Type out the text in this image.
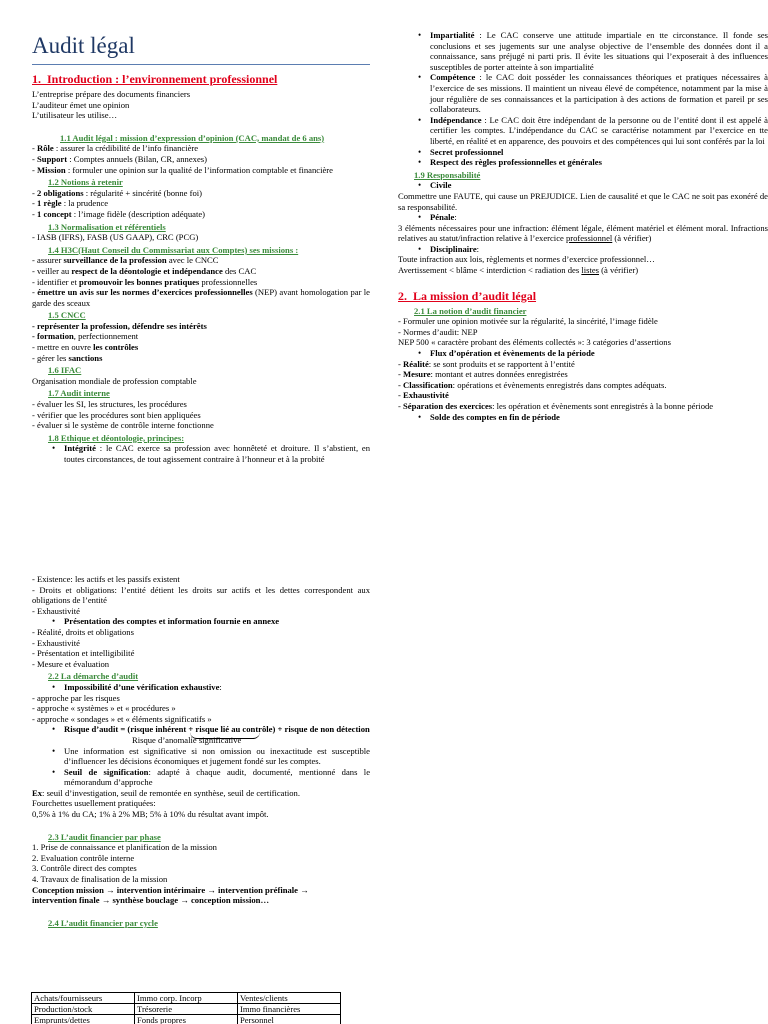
Audit légal
1. Introduction : l’environnement professionnel
L’entreprise prépare des documents financiers
L’auditeur émet une opinion
L’utilisateur les utilise…
1.1 Audit légal : mission d’expression d’opinion (CAC, mandat de 6 ans)
- Rôle : assurer la crédibilité de l’info financière
- Support : Comptes annuels (Bilan, CR, annexes)
- Mission : formuler une opinion sur la qualité de l’information comptable et financière
1.2 Notions à retenir
- 2 obligations : régularité + sincérité (bonne foi)
- 1 règle : la prudence
- 1 concept : l’image fidèle (description adéquate)
1.3 Normalisation et référentiels
- IASB (IFRS), FASB (US GAAP), CRC (PCG)
1.4 H3C(Haut Conseil du Commissariat aux Comptes) ses missions :
- assurer surveillance de la profession avec le CNCC
- veiller au respect de la déontologie et indépendance des CAC
- identifier et promouvoir les bonnes pratiques professionnelles
- émettre un avis sur les normes d’exercices professionnelles (NEP) avant homologation par le garde des sceaux
1.5 CNCC
- représenter la profession, défendre ses intérêts
- formation, perfectionnement
- mettre en ouvre les contrôles
- gérer les sanctions
1.6 IFAC
Organisation mondiale de profession comptable
1.7 Audit interne
- évaluer les SI, les structures, les procédures
- vérifier que les procédures sont bien appliquées
- évaluer si le système de contrôle interne fonctionne
1.8 Ethique et déontologie, principes:
• Intégrité : le CAC exerce sa profession avec honnêteté et droiture. Il s’abstient, en toutes circonstances, de tout agissement contraire à l’honneur et à la probité
• Impartialité : Le CAC conserve une attitude impartiale en tte circonstance. Il fonde ses conclusions et ses jugements sur une analyse objective de l’ensemble des données dont il a connaissance, sans préjugé ni parti pris. Il évite les situations qui l’exposerait à des influences susceptibles de porter atteinte à son impartialité
• Compétence : le CAC doit posséder les connaissances théoriques et pratiques nécessaires à l’exercice de ses missions. Il maintient un niveau élevé de compétence, notamment par la mise à jour régulière de ses connaissances et la participation à des actions de formation et pareil pr ses collaborateurs.
• Indépendance : Le CAC doit être indépendant de la personne ou de l’entité dont il est appelé à certifier les comptes. L’indépendance du CAC se caractérise notamment par l’exercice en tte liberté, en réalité et en apparence, des pouvoirs et des compétences qui lui sont conférés par la loi
• Secret professionnel
• Respect des règles professionnelles et générales
1.9 Responsabilité
• Civile
Commettre une FAUTE, qui cause un PREJUDICE. Lien de causalité et que le CAC ne soit pas exonéré de sa responsabilité.
• Pénale:
3 éléments nécessaires pour une infraction: élément légale, élément matériel et élément moral. Infractions relatives au statut/infraction relative à l’exercice professionnel (à vérifier)
• Disciplinaire:
Toute infraction aux lois, règlements et normes d’exercice professionnel…
Avertissement < blâme < interdiction < radiation des listes (à vérifier)
2. La mission d’audit légal
2.1 La notion d’audit financier
- Formuler une opinion motivée sur la régularité, la sincérité, l’image fidèle
- Normes d’audit: NEP
NEP 500 « caractère probant des éléments collectés »: 3 catégories d’assertions
• Flux d’opération et évènements de la période
- Réalité: se sont produits et se rapportent à l’entité
- Mesure: montant et autres données enregistrées
- Classification: opérations et évènements enregistrés dans comptes adéquats.
- Exhaustivité
- Séparation des exercices: les opération et évènements sont enregistrés à la bonne période
• Solde des comptes en fin de période
- Existence: les actifs et les passifs existent
- Droits et obligations: l’entité détient les droits sur actifs et les dettes correspondent aux obligations de l’entité
- Exhaustivité
• Présentation des comptes et information fournie en annexe
- Réalité, droits et obligations
- Exhaustivité
- Présentation et intelligibilité
- Mesure et évaluation
2.2 La démarche d’audit
• Impossibilité d’une vérification exhaustive:
- approche par les risques
- approche « systèmes » et « procédures »
- approche « sondages » et « éléments significatifs »
• Risque d’audit = (risque inhérent + risque lié au contrôle) + risque de non détection
Risque d’anomalie significative
• Une information est significative si non omission ou inexactitude est susceptible d’influencer les décisions économiques et jugement fondé sur les comptes.
• Seuil de signification: adapté à chaque audit, documenté, mentionné dans le mémorandum d’approche
Ex: seuil d’investigation, seuil de remontée en synthèse, seuil de certification.
Fourchettes usuellement pratiquées:
0,5% à 1% du CA; 1% à 2% MB; 5% à 10% du résultat avant impôt.
2.3 L’audit financier par phase
1. Prise de connaissance et planification de la mission
2. Evaluation contrôle interne
3. Contrôle direct des comptes
4. Travaux de finalisation de la mission
Conception mission → intervention intérimaire → intervention préfinale →
intervention finale → synthèse bouclage → conception mission…
2.4 L’audit financier par cycle
Achats/fournisseurs	Immo corp. Incorp	Ventes/clients
Production/stock	Trésorerie	Immo financières
Emprunts/dettes	Fonds propres	Personnel
